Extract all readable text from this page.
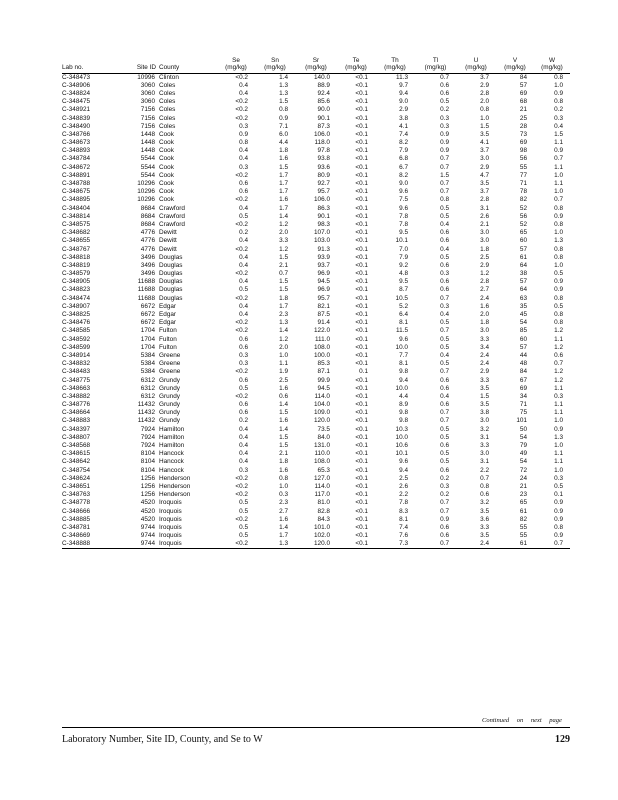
			Se	Sn	Sr	Te	Th	Tl	U	V	W
Lab no.	Site ID	County	(mg/kg)	(mg/kg)	(mg/kg)	(mg/kg)	(mg/kg)	(mg/kg)	(mg/kg)	(mg/kg)	(mg/kg)
C-348473	10996	Clinton	<0.2	1.4	140.0	<0.1	11.3	0.7	3.7	84	0.8
C-348906	3060	Coles	0.4	1.3	88.9	<0.1	9.7	0.6	2.9	57	1.0
C-348824	3060	Coles	0.4	1.3	92.4	<0.1	9.4	0.6	2.8	69	0.9
C-348475	3060	Coles	<0.2	1.5	85.6	<0.1	9.0	0.5	2.0	68	0.8
C-348921	7156	Coles	<0.2	0.8	90.0	<0.1	2.9	0.2	0.8	21	0.2
C-348839	7156	Coles	<0.2	0.9	90.1	<0.1	3.8	0.3	1.0	25	0.3
C-348490	7156	Coles	0.3	7.1	87.3	<0.1	4.1	0.3	1.5	28	0.4
C-348766	1448	Cook	0.9	6.0	106.0	<0.1	7.4	0.9	3.5	73	1.5
C-348673	1448	Cook	0.8	4.4	118.0	<0.1	8.2	0.9	4.1	69	1.1
C-348893	1448	Cook	0.4	1.8	97.8	<0.1	7.9	0.9	3.7	98	0.9
C-348784	5544	Cook	0.4	1.6	93.8	<0.1	6.8	0.7	3.0	56	0.7
C-348672	5544	Cook	0.3	1.5	93.6	<0.1	6.7	0.7	2.9	55	1.1
C-348891	5544	Cook	<0.2	1.7	80.9	<0.1	8.2	1.5	4.7	77	1.0
C-348788	10296	Cook	0.6	1.7	92.7	<0.1	9.0	0.7	3.5	71	1.1
C-348675	10296	Cook	0.6	1.7	95.7	<0.1	9.6	0.7	3.7	78	1.0
C-348895	10296	Cook	<0.2	1.6	106.0	<0.1	7.5	0.8	2.8	82	0.7
C-348404	8684	Crawford	0.4	1.7	86.3	<0.1	9.6	0.5	3.1	52	0.8
C-348814	8684	Crawford	0.5	1.4	90.1	<0.1	7.8	0.5	2.6	56	0.9
C-348575	8684	Crawford	<0.2	1.2	98.3	<0.1	7.8	0.4	2.1	52	0.8
C-348682	4776	Dewitt	0.2	2.0	107.0	<0.1	9.5	0.6	3.0	65	1.0
C-348655	4776	Dewitt	0.4	3.3	103.0	<0.1	10.1	0.6	3.0	60	1.3
C-348767	4776	Dewitt	<0.2	1.2	91.3	<0.1	7.0	0.4	1.8	57	0.8
C-348818	3496	Douglas	0.4	1.5	93.9	<0.1	7.9	0.5	2.5	61	0.8
C-348819	3496	Douglas	0.4	2.1	93.7	<0.1	9.2	0.6	2.9	64	1.0
C-348579	3496	Douglas	<0.2	0.7	96.9	<0.1	4.8	0.3	1.2	38	0.5
C-348905	11688	Douglas	0.4	1.5	94.5	<0.1	9.5	0.6	2.8	57	0.9
C-348823	11688	Douglas	0.5	1.5	96.9	<0.1	8.7	0.6	2.7	64	0.9
C-348474	11688	Douglas	<0.2	1.8	95.7	<0.1	10.5	0.7	2.4	63	0.8
C-348907	6672	Edgar	0.4	1.7	82.1	<0.1	5.2	0.3	1.6	35	0.5
C-348825	6672	Edgar	0.4	2.3	87.5	<0.1	6.4	0.4	2.0	45	0.8
C-348476	6672	Edgar	<0.2	1.3	91.4	<0.1	8.1	0.5	1.8	54	0.8
C-348585	1704	Fulton	<0.2	1.4	122.0	<0.1	11.5	0.7	3.0	85	1.2
C-348592	1704	Fulton	0.6	1.2	111.0	<0.1	9.6	0.5	3.3	60	1.1
C-348599	1704	Fulton	0.6	2.0	108.0	<0.1	10.0	0.5	3.4	57	1.2
C-348914	5384	Greene	0.3	1.0	100.0	<0.1	7.7	0.4	2.4	44	0.6
C-348832	5384	Greene	0.3	1.1	85.3	<0.1	8.1	0.5	2.4	48	0.7
C-348483	5384	Greene	<0.2	1.9	87.1	0.1	9.8	0.7	2.9	84	1.2
C-348775	6312	Grundy	0.6	2.5	99.9	<0.1	9.4	0.6	3.3	67	1.2
C-348663	6312	Grundy	0.5	1.6	94.5	<0.1	10.0	0.6	3.5	69	1.1
C-348882	6312	Grundy	<0.2	0.6	114.0	<0.1	4.4	0.4	1.5	34	0.3
C-348776	11432	Grundy	0.6	1.4	104.0	<0.1	8.9	0.6	3.5	71	1.1
C-348664	11432	Grundy	0.6	1.5	109.0	<0.1	9.8	0.7	3.8	75	1.1
C-348883	11432	Grundy	0.2	1.6	120.0	<0.1	9.8	0.7	3.0	101	1.0
C-348397	7924	Hamilton	0.4	1.4	73.5	<0.1	10.3	0.5	3.2	50	0.9
C-348807	7924	Hamilton	0.4	1.5	84.0	<0.1	10.0	0.5	3.1	54	1.3
C-348568	7924	Hamilton	0.4	1.5	131.0	<0.1	10.6	0.6	3.3	79	1.0
C-348615	8104	Hancock	0.4	2.1	110.0	<0.1	10.1	0.5	3.0	49	1.1
C-348642	8104	Hancock	0.4	1.8	108.0	<0.1	9.6	0.5	3.1	54	1.1
C-348754	8104	Hancock	0.3	1.6	65.3	<0.1	9.4	0.6	2.2	72	1.0
C-348624	1256	Henderson	<0.2	0.8	127.0	<0.1	2.5	0.2	0.7	24	0.3
C-348651	1256	Henderson	<0.2	1.0	114.0	<0.1	2.6	0.3	0.8	21	0.5
C-348763	1256	Henderson	<0.2	0.3	117.0	<0.1	2.2	0.2	0.6	23	0.1
C-348778	4520	Iroquois	0.5	2.3	81.0	<0.1	7.8	0.7	3.2	65	0.9
C-348666	4520	Iroquois	0.5	2.7	82.8	<0.1	8.3	0.7	3.5	61	0.9
C-348885	4520	Iroquois	<0.2	1.6	84.3	<0.1	8.1	0.9	3.6	82	0.9
C-348781	9744	Iroquois	0.5	1.4	101.0	<0.1	7.4	0.6	3.3	55	0.8
C-348669	9744	Iroquois	0.5	1.7	102.0	<0.1	7.6	0.6	3.5	55	0.9
C-348888	9744	Iroquois	<0.2	1.3	120.0	<0.1	7.3	0.7	2.4	61	0.7
Continued on next page
Laboratory Number, Site ID, County, and Se to W	129
